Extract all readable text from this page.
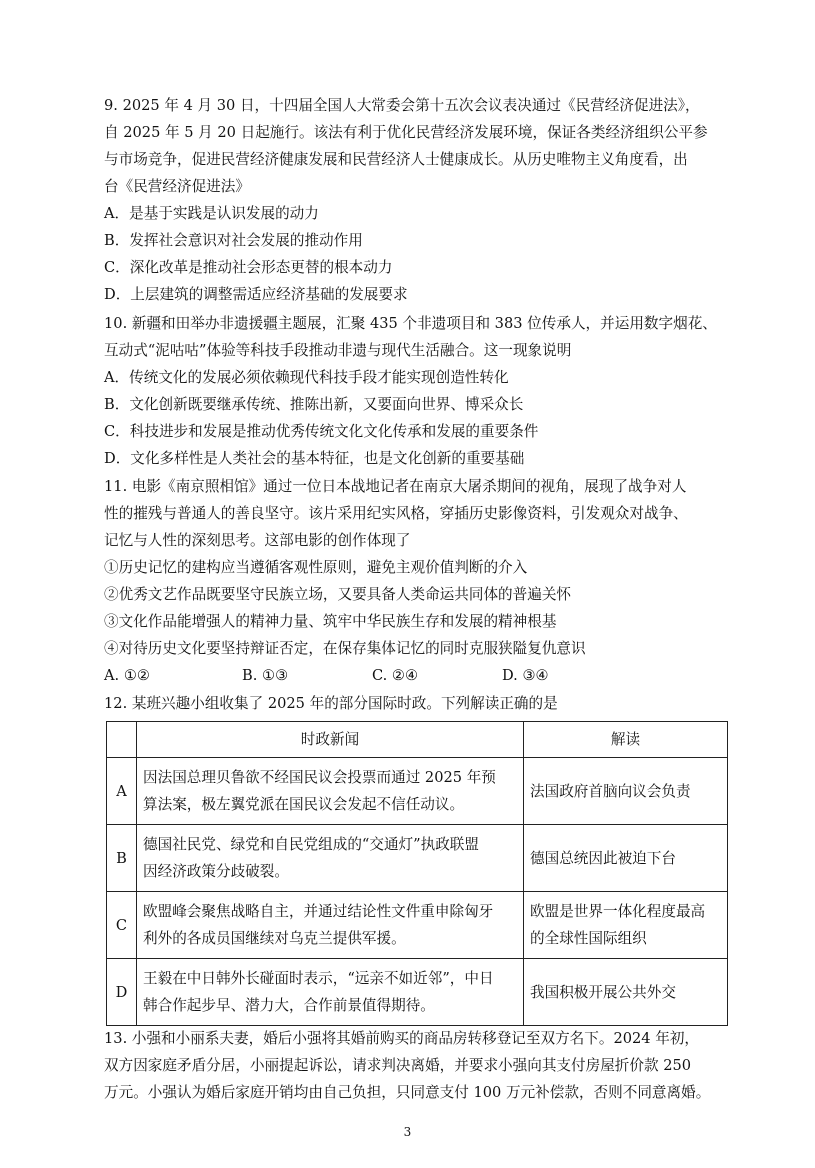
9. 2025 年 4 月 30 日，十四届全国人大常委会第十五次会议表决通过《民营经济促进法》，
自 2025 年 5 月 20 日起施行。该法有利于优化民营经济发展环境，保证各类经济组织公平参
与市场竞争，促进民营经济健康发展和民营经济人士健康成长。从历史唯物主义角度看，出
台《民营经济促进法》
A．是基于实践是认识发展的动力
B．发挥社会意识对社会发展的推动作用
C．深化改革是推动社会形态更替的根本动力
D．上层建筑的调整需适应经济基础的发展要求
10. 新疆和田举办非遗援疆主题展，汇聚 435 个非遗项目和 383 位传承人，并运用数字烟花、
互动式“泥咕咕”体验等科技手段推动非遗与现代生活融合。这一现象说明
A．传统文化的发展必须依赖现代科技手段才能实现创造性转化
B．文化创新既要继承传统、推陈出新，又要面向世界、博采众长
C．科技进步和发展是推动优秀传统文化文化传承和发展的重要条件
D．文化多样性是人类社会的基本特征，也是文化创新的重要基础
11. 电影《南京照相馆》通过一位日本战地记者在南京大屠杀期间的视角，展现了战争对人
性的摧残与普通人的善良坚守。该片采用纪实风格，穿插历史影像资料，引发观众对战争、
记忆与人性的深刻思考。这部电影的创作体现了
①历史记忆的建构应当遵循客观性原则，避免主观价值判断的介入
②优秀文艺作品既要坚守民族立场，又要具备人类命运共同体的普遍关怀
③文化作品能增强人的精神力量、筑牢中华民族生存和发展的精神根基
④对待历史文化要坚持辩证否定，在保存集体记忆的同时克服狭隘复仇意识
A. ①②	B. ①③	C. ②④	D. ③④
12. 某班兴趣小组收集了 2025 年的部分国际时政。下列解读正确的是
	时政新闻	解读
A	因法国总理贝鲁欲不经国民议会投票而通过 2025 年预
算法案，极左翼党派在国民议会发起不信任动议。	法国政府首脑向议会负责

B	德国社民党、绿党和自民党组成的“交通灯”执政联盟
因经济政策分歧破裂。	德国总统因此被迫下台

C	欧盟峰会聚焦战略自主，并通过结论性文件重申除匈牙
利外的各成员国继续对乌克兰提供军援。	欧盟是世界一体化程度最高
的全球性国际组织

D	王毅在中日韩外长碰面时表示，“远亲不如近邻”，中日
韩合作起步早、潜力大，合作前景值得期待。	我国积极开展公共外交
13. 小强和小丽系夫妻，婚后小强将其婚前购买的商品房转移登记至双方名下。2024 年初，
双方因家庭矛盾分居，小丽提起诉讼，请求判决离婚，并要求小强向其支付房屋折价款 250
万元。小强认为婚后家庭开销均由自己负担，只同意支付 100 万元补偿款，否则不同意离婚。
3
